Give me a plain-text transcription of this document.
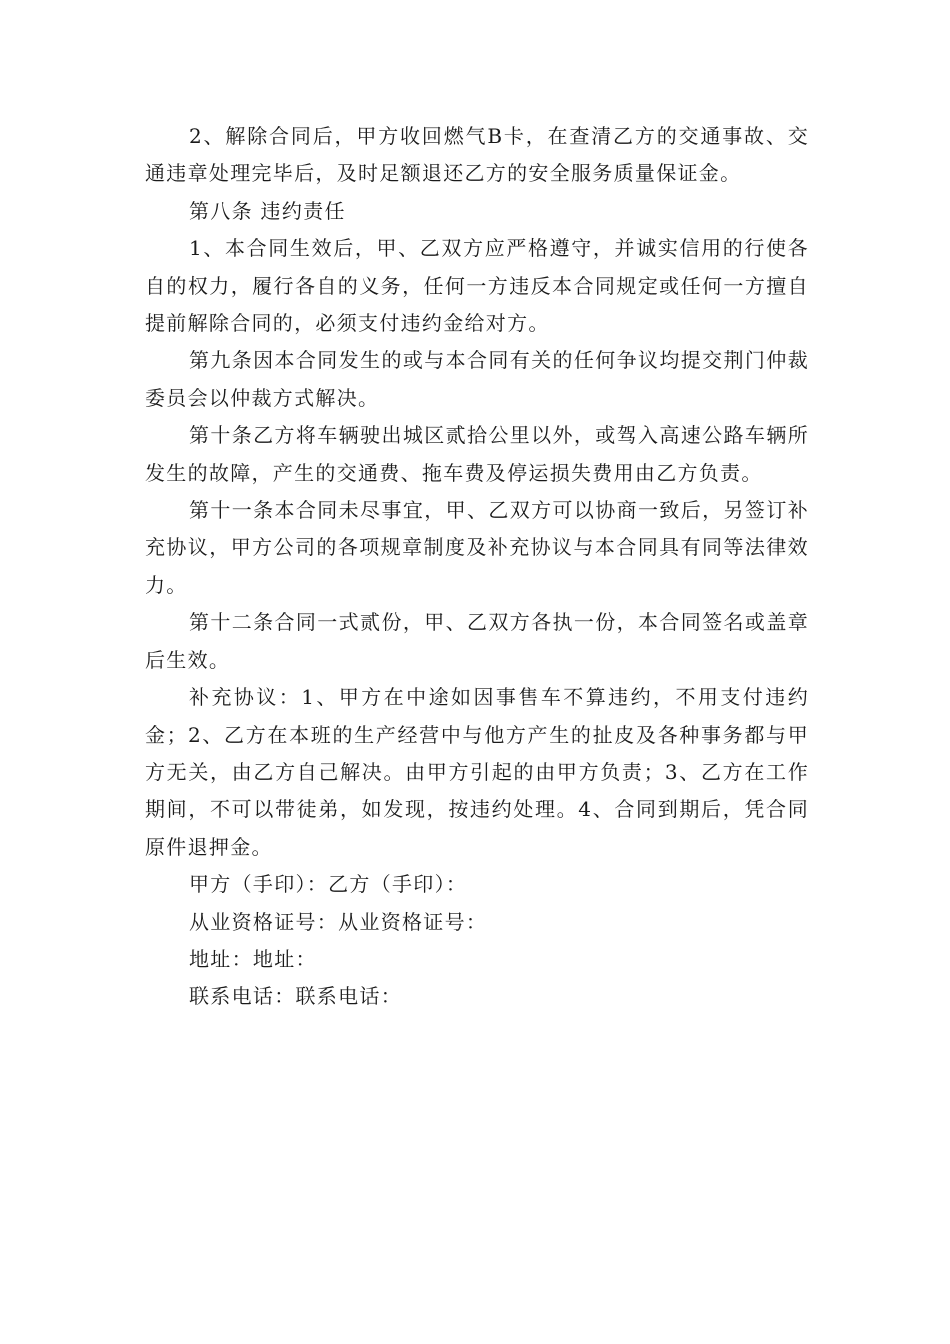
2、解除合同后，甲方收回燃气B卡，在查清乙方的交通事故、交通违章处理完毕后，及时足额退还乙方的安全服务质量保证金。

第八条 违约责任

1、本合同生效后，甲、乙双方应严格遵守，并诚实信用的行使各自的权力，履行各自的义务，任何一方违反本合同规定或任何一方擅自提前解除合同的，必须支付违约金给对方。

第九条因本合同发生的或与本合同有关的任何争议均提交荆门仲裁委员会以仲裁方式解决。

第十条乙方将车辆驶出城区贰拾公里以外，或驾入高速公路车辆所发生的故障，产生的交通费、拖车费及停运损失费用由乙方负责。

第十一条本合同未尽事宜，甲、乙双方可以协商一致后，另签订补充协议，甲方公司的各项规章制度及补充协议与本合同具有同等法律效力。

第十二条合同一式贰份，甲、乙双方各执一份，本合同签名或盖章后生效。

补充协议：1、甲方在中途如因事售车不算违约，不用支付违约金；2、乙方在本班的生产经营中与他方产生的扯皮及各种事务都与甲方无关，由乙方自己解决。由甲方引起的由甲方负责；3、乙方在工作期间，不可以带徒弟，如发现，按违约处理。4、合同到期后，凭合同原件退押金。

甲方（手印）：乙方（手印）：

从业资格证号：从业资格证号：

地址：地址：

联系电话：联系电话：
